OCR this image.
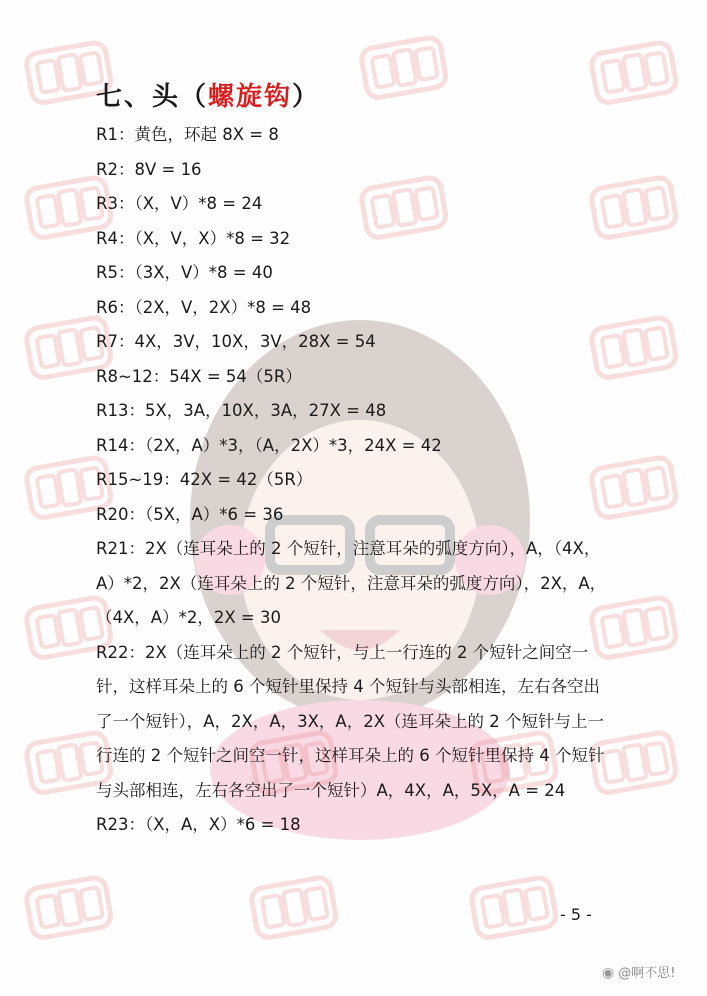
七、头（螺旋钩）
R1：黄色，环起 8X = 8
R2：8V = 16
R3：（X，V）*8 = 24
R4：（X，V，X）*8 = 32
R5：（3X，V）*8 = 40
R6：（2X，V，2X）*8 = 48
R7：4X，3V，10X，3V，28X = 54
R8~12：54X = 54（5R）
R13：5X，3A，10X，3A，27X = 48
R14：（2X，A）*3，（A，2X）*3，24X = 42
R15~19：42X = 42（5R）
R20：（5X，A）*6 = 36
R21：2X（连耳朵上的 2 个短针，注意耳朵的弧度方向），A，（4X，A）*2，2X（连耳朵上的 2 个短针，注意耳朵的弧度方向），2X，A，（4X，A）*2，2X = 30
R22：2X（连耳朵上的 2 个短针，与上一行连的 2 个短针之间空一针，这样耳朵上的 6 个短针里保持 4 个短针与头部相连，左右各空出了一个短针），A，2X，A，3X，A，2X（连耳朵上的 2 个短针与上一行连的 2 个短针之间空一针，这样耳朵上的 6 个短针里保持 4 个短针与头部相连，左右各空出了一个短针）A，4X，A，5X，A = 24
R23：（X，A，X）*6 = 18
- 5 -
◉ @啊不思!
